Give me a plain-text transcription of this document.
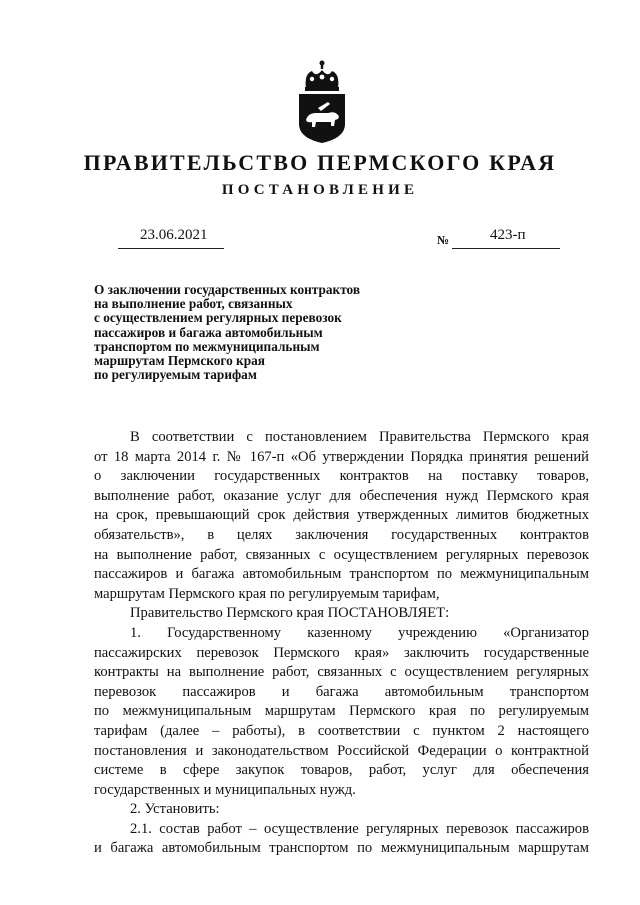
ПРАВИТЕЛЬСТВО ПЕРМСКОГО КРАЯ
ПОСТАНОВЛЕНИЕ
23.06.2021	№	423-п
О заключении государственных контрактов
на выполнение работ, связанных
с осуществлением регулярных перевозок
пассажиров и багажа автомобильным
транспортом по межмуниципальным
маршрутам Пермского края
по регулируемым тарифам
В соответствии с постановлением Правительства Пермского края
от 18 марта 2014 г. № 167-п «Об утверждении Порядка принятия решений
о заключении государственных контрактов на поставку товаров,
выполнение работ, оказание услуг для обеспечения нужд Пермского края
на срок, превышающий срок действия утвержденных лимитов бюджетных
обязательств», в целях заключения государственных контрактов
на выполнение работ, связанных с осуществлением регулярных перевозок
пассажиров и багажа автомобильным транспортом по межмуниципальным
маршрутам Пермского края по регулируемым тарифам,
Правительство Пермского края ПОСТАНОВЛЯЕТ:
1. Государственному казенному учреждению «Организатор
пассажирских перевозок Пермского края» заключить государственные
контракты на выполнение работ, связанных с осуществлением регулярных
перевозок пассажиров и багажа автомобильным транспортом
по межмуниципальным маршрутам Пермского края по регулируемым
тарифам (далее – работы), в соответствии с пунктом 2 настоящего
постановления и законодательством Российской Федерации о контрактной
системе в сфере закупок товаров, работ, услуг для обеспечения
государственных и муниципальных нужд.
2. Установить:
2.1. состав работ – осуществление регулярных перевозок пассажиров
и багажа автомобильным транспортом по межмуниципальным маршрутам
